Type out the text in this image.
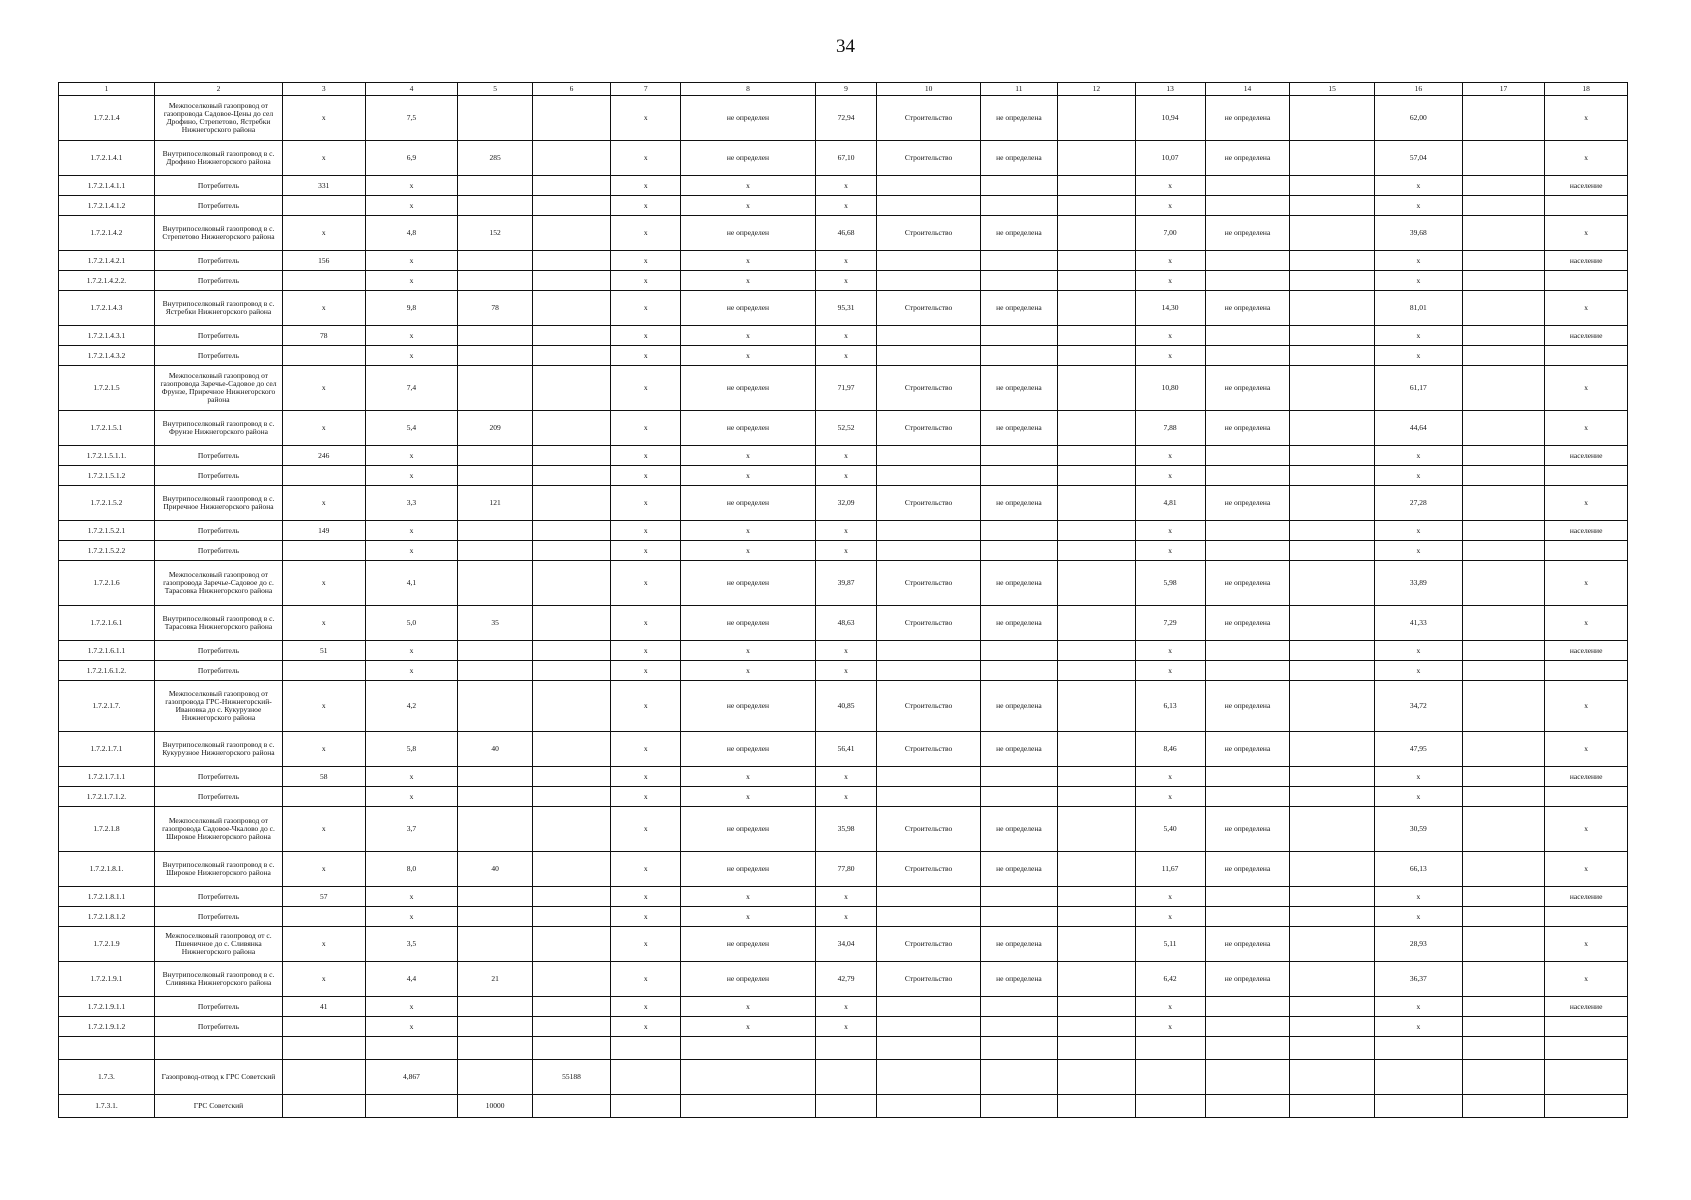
34
1	2	3	4	5	6	7	8	9	10	11	12	13	14	15	16	17	18
1.7.2.1.4	Межпоселковый газопровод от газопровода Садовое-Цены до сел Дрофино, Стрепетово, Ястребки Нижнегорского района	x	7,5			x	не определен	72,94	Строительство	не определена		10,94	не определена		62,00		x
1.7.2.1.4.1	Внутрипоселковый газопровод в с. Дрофино Нижнегорского района	x	6,9	285		x	не определен	67,10	Строительство	не определена		10,07	не определена		57,04		x
1.7.2.1.4.1.1	Потребитель	331	x			x	x	x				x			x		население
1.7.2.1.4.1.2	Потребитель		x			x	x	x				x			x		
1.7.2.1.4.2	Внутрипоселковый газопровод в с. Стрепетово Нижнегорского района	x	4,8	152		x	не определен	46,68	Строительство	не определена		7,00	не определена		39,68		x
1.7.2.1.4.2.1	Потребитель	156	x			x	x	x				x			x		население
1.7.2.1.4.2.2.	Потребитель		x			x	x	x				x			x		
1.7.2.1.4.3	Внутрипоселковый газопровод в с. Ястребки Нижнегорского района	x	9,8	78		x	не определен	95,31	Строительство	не определена		14,30	не определена		81,01		x
1.7.2.1.4.3.1	Потребитель	78	x			x	x	x				x			x		население
1.7.2.1.4.3.2	Потребитель		x			x	x	x				x			x		
1.7.2.1.5	Межпоселковый газопровод от газопровода Заречье-Садовое до сел Фрунзе, Приречное Нижнегорского района	x	7,4			x	не определен	71,97	Строительство	не определена		10,80	не определена		61,17		x
1.7.2.1.5.1	Внутрипоселковый газопровод в с. Фрунзе Нижнегорского района	x	5,4	209		x	не определен	52,52	Строительство	не определена		7,88	не определена		44,64		x
1.7.2.1.5.1.1.	Потребитель	246	x			x	x	x				x			x		население
1.7.2.1.5.1.2	Потребитель		x			x	x	x				x			x		
1.7.2.1.5.2	Внутрипоселковый газопровод в с. Приречное Нижнегорского района	x	3,3	121		x	не определен	32,09	Строительство	не определена		4,81	не определена		27,28		x
1.7.2.1.5.2.1	Потребитель	149	x			x	x	x				x			x		население
1.7.2.1.5.2.2	Потребитель		x			x	x	x				x			x		
1.7.2.1.6	Межпоселковый газопровод от газопровода Заречье-Садовое до с. Тарасовка Нижнегорского района	x	4,1			x	не определен	39,87	Строительство	не определена		5,98	не определена		33,89		x
1.7.2.1.6.1	Внутрипоселковый газопровод в с. Тарасовка Нижнегорского района	x	5,0	35		x	не определен	48,63	Строительство	не определена		7,29	не определена		41,33		x
1.7.2.1.6.1.1	Потребитель	51	x			x	x	x				x			x		население
1.7.2.1.6.1.2.	Потребитель		x			x	x	x				x			x		
1.7.2.1.7.	Межпоселковый газопровод от газопровода ГРС-Нижнегорский-Ивановка до с. Кукурузное Нижнегорского района	x	4,2			x	не определен	40,85	Строительство	не определена		6,13	не определена		34,72		x
1.7.2.1.7.1	Внутрипоселковый газопровод в с. Кукурузное Нижнегорского района	x	5,8	40		x	не определен	56,41	Строительство	не определена		8,46	не определена		47,95		x
1.7.2.1.7.1.1	Потребитель	58	x			x	x	x				x			x		население
1.7.2.1.7.1.2.	Потребитель		x			x	x	x				x			x		
1.7.2.1.8	Межпоселковый газопровод от газопровода Садовое-Чкалово до с. Широкое Нижнегорского района	x	3,7			x	не определен	35,98	Строительство	не определена		5,40	не определена		30,59		x
1.7.2.1.8.1.	Внутрипоселковый газопровод в с. Широкое Нижнегорского района	x	8,0	40		x	не определен	77,80	Строительство	не определена		11,67	не определена		66,13		x
1.7.2.1.8.1.1	Потребитель	57	x			x	x	x				x			x		население
1.7.2.1.8.1.2	Потребитель		x			x	x	x				x			x		
1.7.2.1.9	Межпоселковый газопровод от с. Пшеничное до с. Сливянка Нижнегорского района	x	3,5			x	не определен	34,04	Строительство	не определена		5,11	не определена		28,93		x
1.7.2.1.9.1	Внутрипоселковый газопровод в с. Сливянка Нижнегорского района	x	4,4	21		x	не определен	42,79	Строительство	не определена		6,42	не определена		36,37		x
1.7.2.1.9.1.1	Потребитель	41	x			x	x	x				x			x		население
1.7.2.1.9.1.2	Потребитель		x			x	x	x				x			x		

1.7.3.	Газопровод-отвод к ГРС Советский		4,867		55188												
1.7.3.1.	ГРС Советский			10000													
